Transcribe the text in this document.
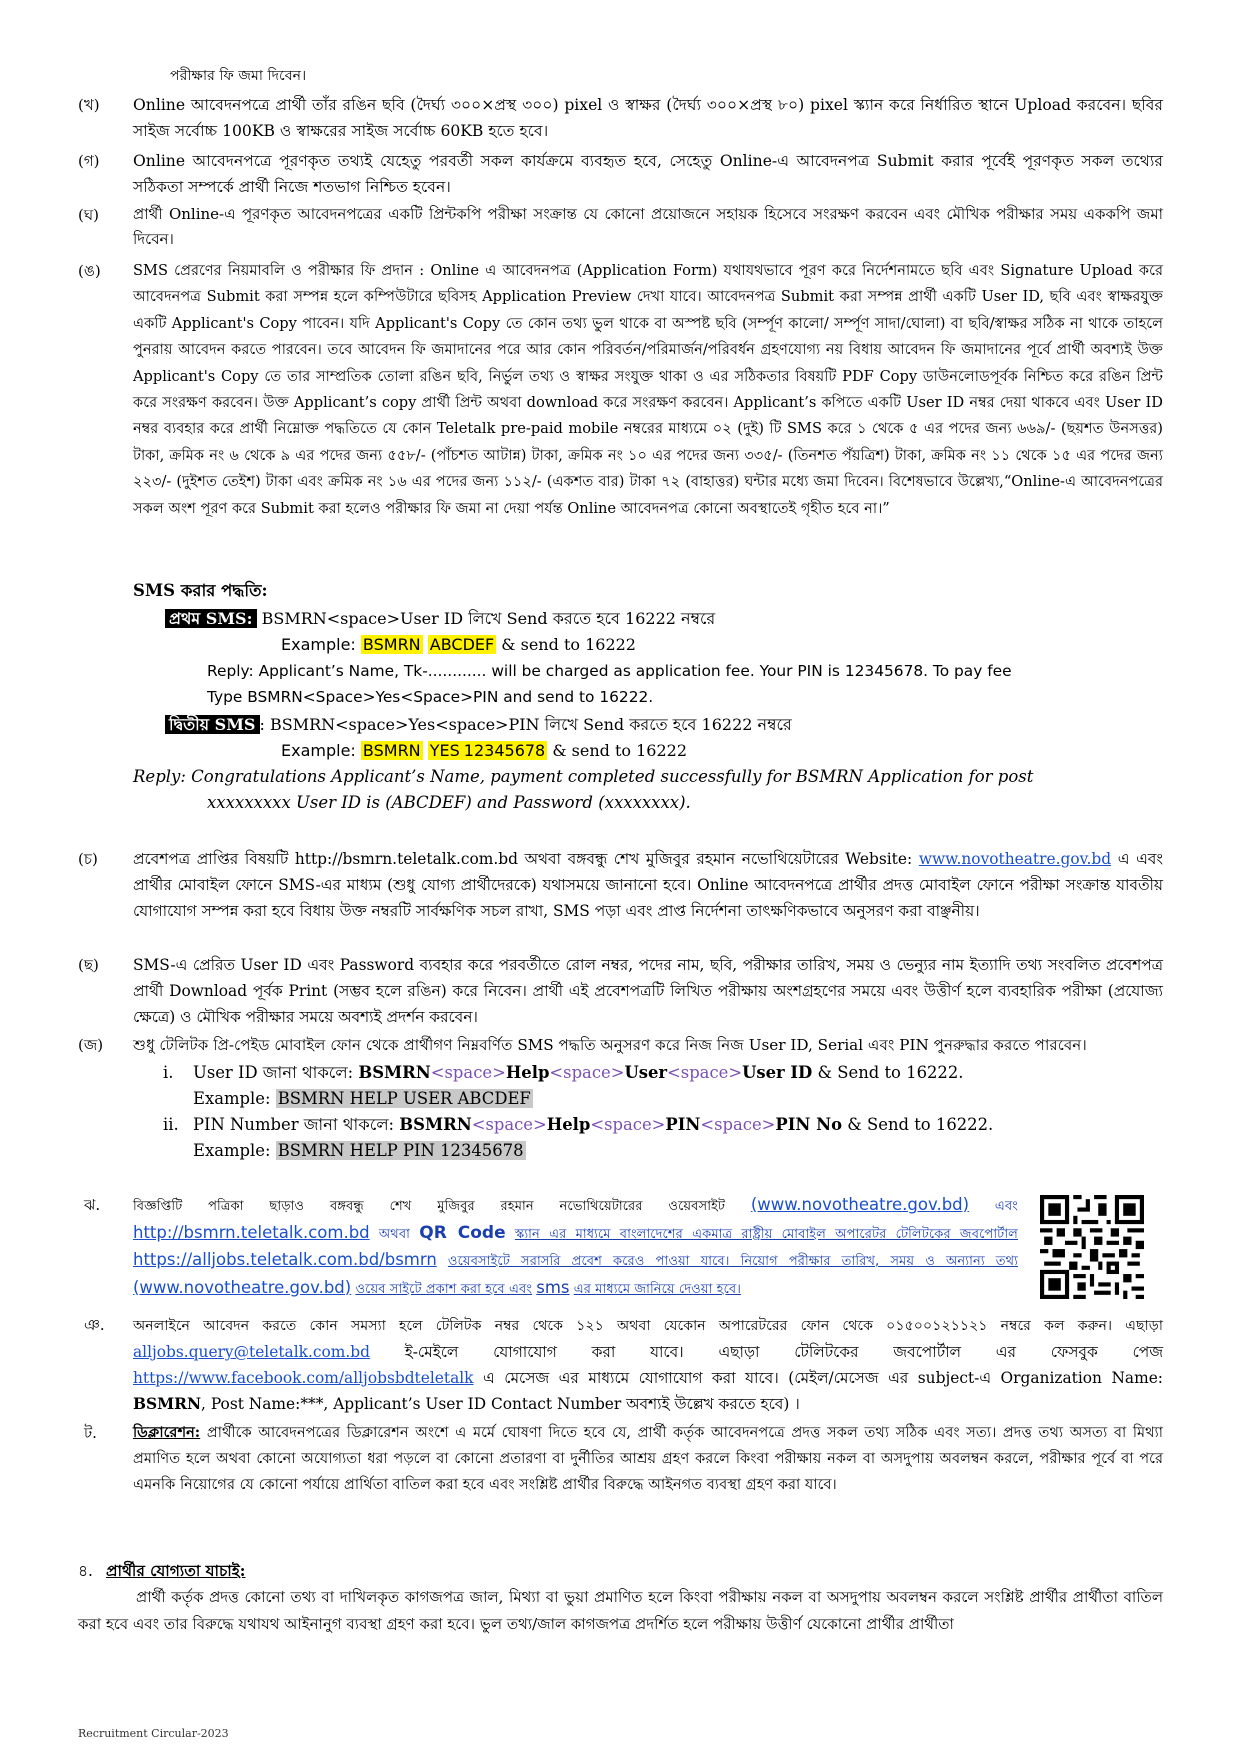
পরীক্ষার ফি জমা দিবেন।
(খ)	Online আবেদনপত্রে প্রার্থী তাঁর রঙিন ছবি (দৈর্ঘ্য ৩০০×প্রস্থ ৩০০) pixel ও স্বাক্ষর (দৈর্ঘ্য ৩০০×প্রস্থ ৮০) pixel স্ক্যান করে নির্ধারিত স্থানে Upload করবেন। ছবির সাইজ সর্বোচ্চ 100KB ও স্বাক্ষরের সাইজ সর্বোচ্চ 60KB হতে হবে।
(গ)	Online আবেদনপত্রে পূরণকৃত তথ্যই যেহেতু পরবর্তী সকল কার্যক্রমে ব্যবহৃত হবে, সেহেতু Online-এ আবেদনপত্র Submit করার পূর্বেই পূরণকৃত সকল তথ্যের সঠিকতা সম্পর্কে প্রার্থী নিজে শতভাগ নিশ্চিত হবেন।
(ঘ)	প্রার্থী Online-এ পূরণকৃত আবেদনপত্রের একটি প্রিন্টকপি পরীক্ষা সংক্রান্ত যে কোনো প্রয়োজনে সহায়ক হিসেবে সংরক্ষণ করবেন এবং মৌখিক পরীক্ষার সময় এককপি জমা দিবেন।
(ঙ)	SMS প্রেরণের নিয়মাবলি ও পরীক্ষার ফি প্রদান : Online এ আবেদনপত্র (Application Form) যথাযথভাবে পূরণ করে নির্দেশনামতে ছবি এবং Signature Upload করে আবেদনপত্র Submit করা সম্পন্ন হলে কম্পিউটারে ছবিসহ Application Preview দেখা যাবে। আবেদনপত্র Submit করা সম্পন্ন প্রার্থী একটি User ID, ছবি এবং স্বাক্ষরযুক্ত একটি Applicant's Copy পাবেন। যদি Applicant's Copy তে কোন তথ্য ভুল থাকে বা অস্পষ্ট ছবি (সর্ম্পূণ কালো/ সর্ম্পূণ সাদা/ঘোলা) বা ছবি/স্বাক্ষর সঠিক না থাকে তাহলে পুনরায় আবেদন করতে পারবেন। তবে আবেদন ফি জমাদানের পরে আর কোন পরিবর্তন/পরিমার্জন/পরিবর্ধন গ্রহণযোগ্য নয় বিধায় আবেদন ফি জমাদানের পূর্বে প্রার্থী অবশ্যই উক্ত Applicant's Copy তে তার সাম্প্রতিক তোলা রঙিন ছবি, নির্ভুল তথ্য ও স্বাক্ষর সংযুক্ত থাকা ও এর সঠিকতার বিষয়টি PDF Copy ডাউনলোডপূর্বক নিশ্চিত করে রঙিন প্রিন্ট করে সংরক্ষণ করবেন। উক্ত Applicant’s copy প্রার্থী প্রিন্ট অথবা download করে সংরক্ষণ করবেন। Applicant’s কপিতে একটি User ID নম্বর দেয়া থাকবে এবং User ID নম্বর ব্যবহার করে প্রার্থী নিম্নোক্ত পদ্ধতিতে যে কোন Teletalk pre-paid mobile নম্বরের মাধ্যমে ০২ (দুই) টি SMS করে ১ থেকে ৫ এর পদের জন্য ৬৬৯/- (ছয়শত উনসত্তর) টাকা, ক্রমিক নং ৬ থেকে ৯ এর পদের জন্য ৫৫৮/- (পাঁচশত আটান্ন) টাকা, ক্রমিক নং ১০ এর পদের জন্য ৩৩৫/- (তিনশত পঁয়ত্রিশ) টাকা, ক্রমিক নং ১১ থেকে ১৫ এর পদের জন্য ২২৩/- (দুইশত তেইশ) টাকা এবং ক্রমিক নং ১৬ এর পদের জন্য ১১২/- (একশত বার) টাকা ৭২ (বাহাত্তর) ঘন্টার মধ্যে জমা দিবেন। বিশেষভাবে উল্লেখ্য,“Online-এ আবেদনপত্রের সকল অংশ পূরণ করে Submit করা হলেও পরীক্ষার ফি জমা না দেয়া পর্যন্ত Online আবেদনপত্র কোনো অবস্থাতেই গৃহীত হবে না।”
SMS করার পদ্ধতি:
প্রথম SMS: BSMRN<space>User ID লিখে Send করতে হবে 16222 নম্বরে
Example: BSMRN ABCDEF & send to 16222
Reply: Applicant’s Name, Tk-............ will be charged as application fee. Your PIN is 12345678. To pay fee
Type BSMRN<Space>Yes<Space>PIN and send to 16222.
দ্বিতীয় SMS : BSMRN<space>Yes<space>PIN লিখে Send করতে হবে 16222 নম্বরে
Example: BSMRN YES 12345678 & send to 16222
Reply: Congratulations Applicant’s Name, payment completed successfully for BSMRN Application for post
xxxxxxxxx User ID is (ABCDEF) and Password (xxxxxxxx).
(চ)	প্রবেশপত্র প্রাপ্তির বিষয়টি http://bsmrn.teletalk.com.bd অথবা বঙ্গবন্ধু শেখ মুজিবুর রহমান নভোথিয়েটারের Website: www.novotheatre.gov.bd এ এবং প্রার্থীর মোবাইল ফোনে SMS-এর মাধ্যম (শুধু যোগ্য প্রার্থীদেরকে) যথাসময়ে জানানো হবে। Online আবেদনপত্রে প্রার্থীর প্রদত্ত মোবাইল ফোনে পরীক্ষা সংক্রান্ত যাবতীয় যোগাযোগ সম্পন্ন করা হবে বিধায় উক্ত নম্বরটি সার্বক্ষণিক সচল রাখা, SMS পড়া এবং প্রাপ্ত নির্দেশনা তাৎক্ষণিকভাবে অনুসরণ করা বাঞ্ছনীয়।
(ছ)	SMS-এ প্রেরিত User ID এবং Password ব্যবহার করে পরবর্তীতে রোল নম্বর, পদের নাম, ছবি, পরীক্ষার তারিখ, সময় ও ভেন্যুর নাম ইত্যাদি তথ্য সংবলিত প্রবেশপত্র প্রার্থী Download পূর্বক Print (সম্ভব হলে রঙিন) করে নিবেন। প্রার্থী এই প্রবেশপত্রটি লিখিত পরীক্ষায় অংশগ্রহণের সময়ে এবং উত্তীর্ণ হলে ব্যবহারিক পরীক্ষা (প্রযোজ্য ক্ষেত্রে) ও মৌখিক পরীক্ষার সময়ে অবশ্যই প্রদর্শন করবেন।
(জ)	শুধু টেলিটক প্রি-পেইড মোবাইল ফোন থেকে প্রার্থীগণ নিম্নবর্ণিত SMS পদ্ধতি অনুসরণ করে নিজ নিজ User ID, Serial এবং PIN পুনরুদ্ধার করতে পারবেন।
i. User ID জানা থাকলে: BSMRN<space>Help<space>User<space>User ID & Send to 16222.
Example: BSMRN HELP USER ABCDEF
ii. PIN Number জানা থাকলে: BSMRN<space>Help<space>PIN<space>PIN No & Send to 16222.
Example: BSMRN HELP PIN 12345678
ঝ.	বিজ্ঞপ্তিটি পত্রিকা ছাড়াও বঙ্গবন্ধু শেখ মুজিবুর রহমান নভোথিয়েটারের ওয়েবসাইট (www.novotheatre.gov.bd) এবং http://bsmrn.teletalk.com.bd অথবা QR Code স্ক্যান এর মাধ্যমে বাংলাদেশের একমাত্র রাষ্ট্রীয় মোবাইল অপারেটর টেলিটকের জবপোর্টাল https://alljobs.teletalk.com.bd/bsmrn ওয়েবসাইটে সরাসরি প্রবেশ করেও পাওয়া যাবে। নিয়োগ পরীক্ষার তারিখ, সময় ও অন্যান্য তথ্য (www.novotheatre.gov.bd) ওয়েব সাইটে প্রকাশ করা হবে এবং sms এর মাধ্যমে জানিয়ে দেওয়া হবে।
ঞ.	অনলাইনে আবেদন করতে কোন সমস্যা হলে টেলিটক নম্বর থেকে ১২১ অথবা যেকোন অপারেটরের ফোন থেকে ০১৫০০১২১১২১ নম্বরে কল করুন। এছাড়া alljobs.query@teletalk.com.bd ই-মেইলে যোগাযোগ করা যাবে। এছাড়া টেলিটকের জবপোর্টাল এর ফেসবুক পেজ https://www.facebook.com/alljobsbdteletalk এ মেসেজ এর মাধ্যমে যোগাযোগ করা যাবে। (মেইল/মেসেজ এর subject-এ Organization Name: BSMRN, Post Name:***, Applicant’s User ID Contact Number অবশ্যই উল্লেখ করতে হবে) ।
ট.	ডিক্লারেশন: প্রার্থীকে আবেদনপত্রের ডিক্লারেশন অংশে এ মর্মে ঘোষণা দিতে হবে যে, প্রার্থী কর্তৃক আবেদনপত্রে প্রদত্ত সকল তথ্য সঠিক এবং সত্য। প্রদত্ত তথ্য অসত্য বা মিথ্যা প্রমাণিত হলে অথবা কোনো অযোগ্যতা ধরা পড়লে বা কোনো প্রতারণা বা দুর্নীতির আশ্রয় গ্রহণ করলে কিংবা পরীক্ষায় নকল বা অসদুপায় অবলম্বন করলে, পরীক্ষার পূর্বে বা পরে এমনকি নিয়োগের যে কোনো পর্যায়ে প্রার্থিতা বাতিল করা হবে এবং সংশ্লিষ্ট প্রার্থীর বিরুদ্ধে আইনগত ব্যবস্থা গ্রহণ করা যাবে।
৪. প্রার্থীর যোগ্যতা যাচাই:
প্রার্থী কর্তৃক প্রদত্ত কোনো তথ্য বা দাখিলকৃত কাগজপত্র জাল, মিথ্যা বা ভুয়া প্রমাণিত হলে কিংবা পরীক্ষায় নকল বা অসদুপায় অবলম্বন করলে সংশ্লিষ্ট প্রার্থীর প্রার্থীতা বাতিল করা হবে এবং তার বিরুদ্ধে যথাযথ আইনানুগ ব্যবস্থা গ্রহণ করা হবে। ভুল তথ্য/জাল কাগজপত্র প্রদর্শিত হলে পরীক্ষায় উত্তীর্ণ যেকোনো প্রার্থীর প্রার্থীতা
Recruitment Circular-2023
